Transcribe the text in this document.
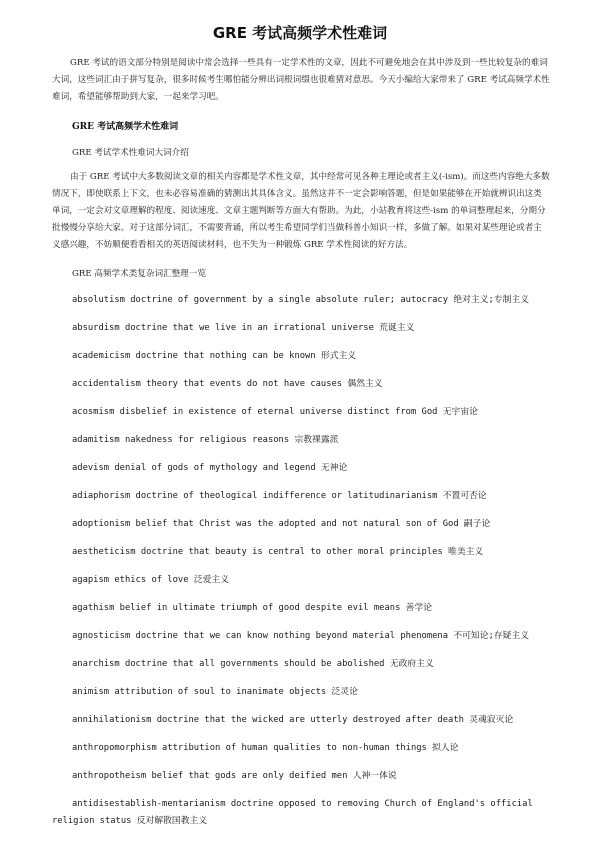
GRE 考试高频学术性难词
GRE 考试的语文部分特别是阅读中常会选择一些具有一定学术性的文章，因此不可避免地会在其中涉及到一些比较复杂的难词大词，这些词汇由于拼写复杂，很多时候考生哪怕能分辨出词根词缀也很难猜对意思。今天小编给大家带来了 GRE 考试高频学术性难词，希望能够帮助到大家，一起来学习吧。
GRE 考试高频学术性难词
GRE 考试学术性难词大词介绍
由于 GRE 考试中大多数阅读文章的相关内容都是学术性文章，其中经常可见各种主理论或者主义(-ism)。而这些内容绝大多数情况下，即使联系上下文，也未必容易准确的猜测出其具体含义。虽然这并不一定会影响答题，但是如果能够在开始就辨识出这类单词，一定会对文章理解的程度、阅读速度、文章主题判断等方面大有帮助。为此，小站教育将这些-ism 的单词整理起来，分期分批慢慢分享给大家。对于这部分词汇，不需要背诵，所以考生希望同学们当做科普小知识一样，多做了解。如果对某些理论或者主义感兴趣，不妨顺便看看相关的英语阅读材料，也不失为一种锻炼 GRE 学术性阅读的好方法。
GRE 高频学术类复杂词汇整理一览
absolutism doctrine of government by a single absolute ruler; autocracy 绝对主义;专制主义
absurdism doctrine that we live in an irrational universe 荒诞主义
academicism doctrine that nothing can be known 形式主义
accidentalism theory that events do not have causes 偶然主义
acosmism disbelief in existence of eternal universe distinct from God 无宇宙论
adamitism nakedness for religious reasons 宗教裸露派
adevism denial of gods of mythology and legend 无神论
adiaphorism doctrine of theological indifference or latitudinarianism 不置可否论
adoptionism belief that Christ was the adopted and not natural son of God 嗣子论
aestheticism doctrine that beauty is central to other moral principles 唯美主义
agapism ethics of love 泛爱主义
agathism belief in ultimate triumph of good despite evil means 善学论
agnosticism doctrine that we can know nothing beyond material phenomena 不可知论;存疑主义
anarchism doctrine that all governments should be abolished 无政府主义
animism attribution of soul to inanimate objects 泛灵论
annihilationism doctrine that the wicked are utterly destroyed after death 灵魂寂灭论
anthropomorphism attribution of human qualities to non-human things 拟人论
anthropotheism belief that gods are only deified men 人神一体说
antidisestablish-mentarianism doctrine opposed to removing Church of England's official religion status 反对解散国教主义
